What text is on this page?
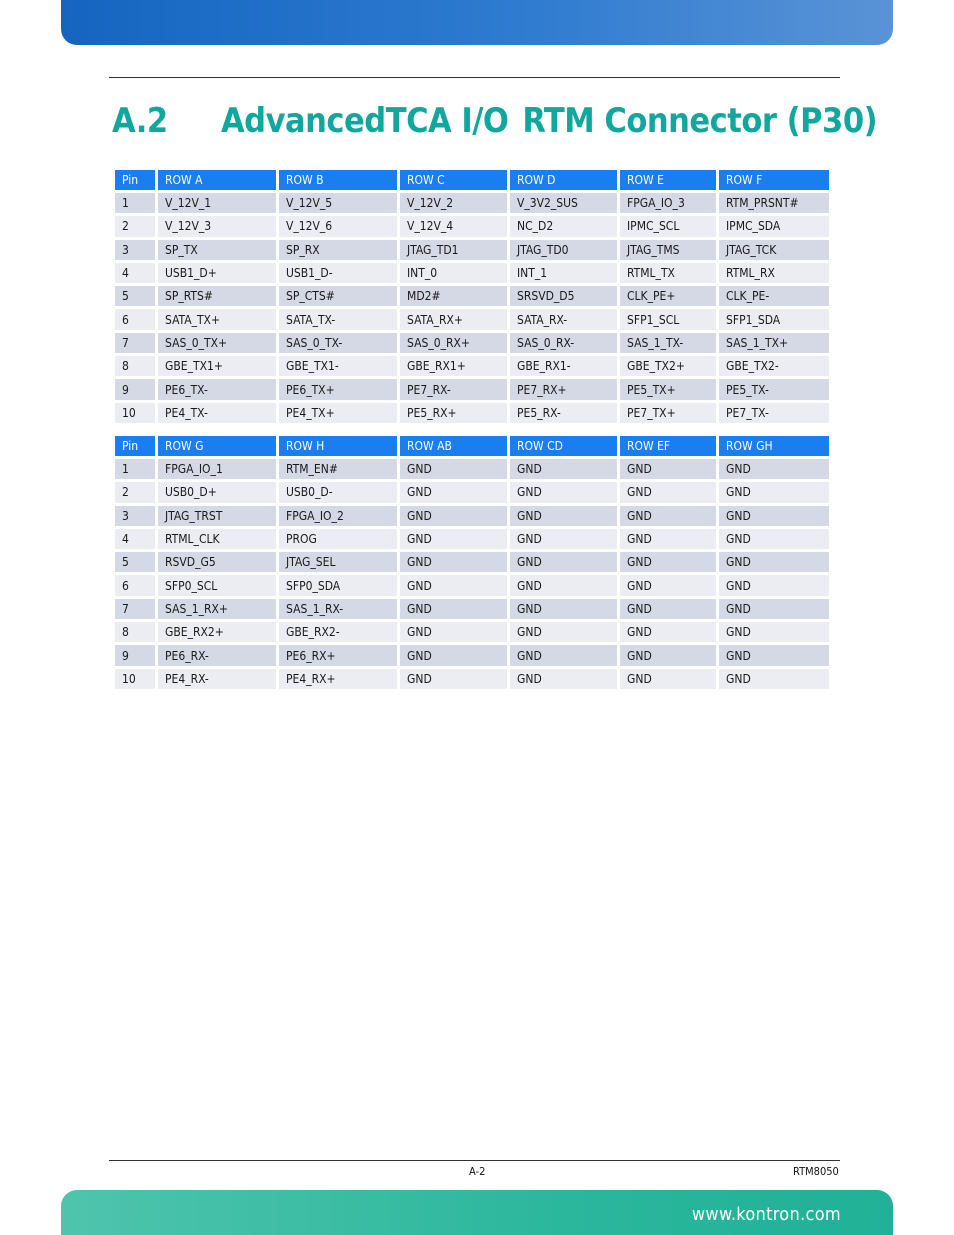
A.2 AdvancedTCA I/O RTM Connector (P30)
Pin	ROW A	ROW B	ROW C	ROW D	ROW E	ROW F
1	V_12V_1	V_12V_5	V_12V_2	V_3V2_SUS	FPGA_IO_3	RTM_PRSNT#
2	V_12V_3	V_12V_6	V_12V_4	NC_D2	IPMC_SCL	IPMC_SDA
3	SP_TX	SP_RX	JTAG_TD1	JTAG_TD0	JTAG_TMS	JTAG_TCK
4	USB1_D+	USB1_D-	INT_0	INT_1	RTML_TX	RTML_RX
5	SP_RTS#	SP_CTS#	MD2#	SRSVD_D5	CLK_PE+	CLK_PE-
6	SATA_TX+	SATA_TX-	SATA_RX+	SATA_RX-	SFP1_SCL	SFP1_SDA
7	SAS_0_TX+	SAS_0_TX-	SAS_0_RX+	SAS_0_RX-	SAS_1_TX-	SAS_1_TX+
8	GBE_TX1+	GBE_TX1-	GBE_RX1+	GBE_RX1-	GBE_TX2+	GBE_TX2-
9	PE6_TX-	PE6_TX+	PE7_RX-	PE7_RX+	PE5_TX+	PE5_TX-
10	PE4_TX-	PE4_TX+	PE5_RX+	PE5_RX-	PE7_TX+	PE7_TX-
Pin	ROW G	ROW H	ROW AB	ROW CD	ROW EF	ROW GH
1	FPGA_IO_1	RTM_EN#	GND	GND	GND	GND
2	USB0_D+	USB0_D-	GND	GND	GND	GND
3	JTAG_TRST	FPGA_IO_2	GND	GND	GND	GND
4	RTML_CLK	PROG	GND	GND	GND	GND
5	RSVD_G5	JTAG_SEL	GND	GND	GND	GND
6	SFP0_SCL	SFP0_SDA	GND	GND	GND	GND
7	SAS_1_RX+	SAS_1_RX-	GND	GND	GND	GND
8	GBE_RX2+	GBE_RX2-	GND	GND	GND	GND
9	PE6_RX-	PE6_RX+	GND	GND	GND	GND
10	PE4_RX-	PE4_RX+	GND	GND	GND	GND
A-2	RTM8050
www.kontron.com
